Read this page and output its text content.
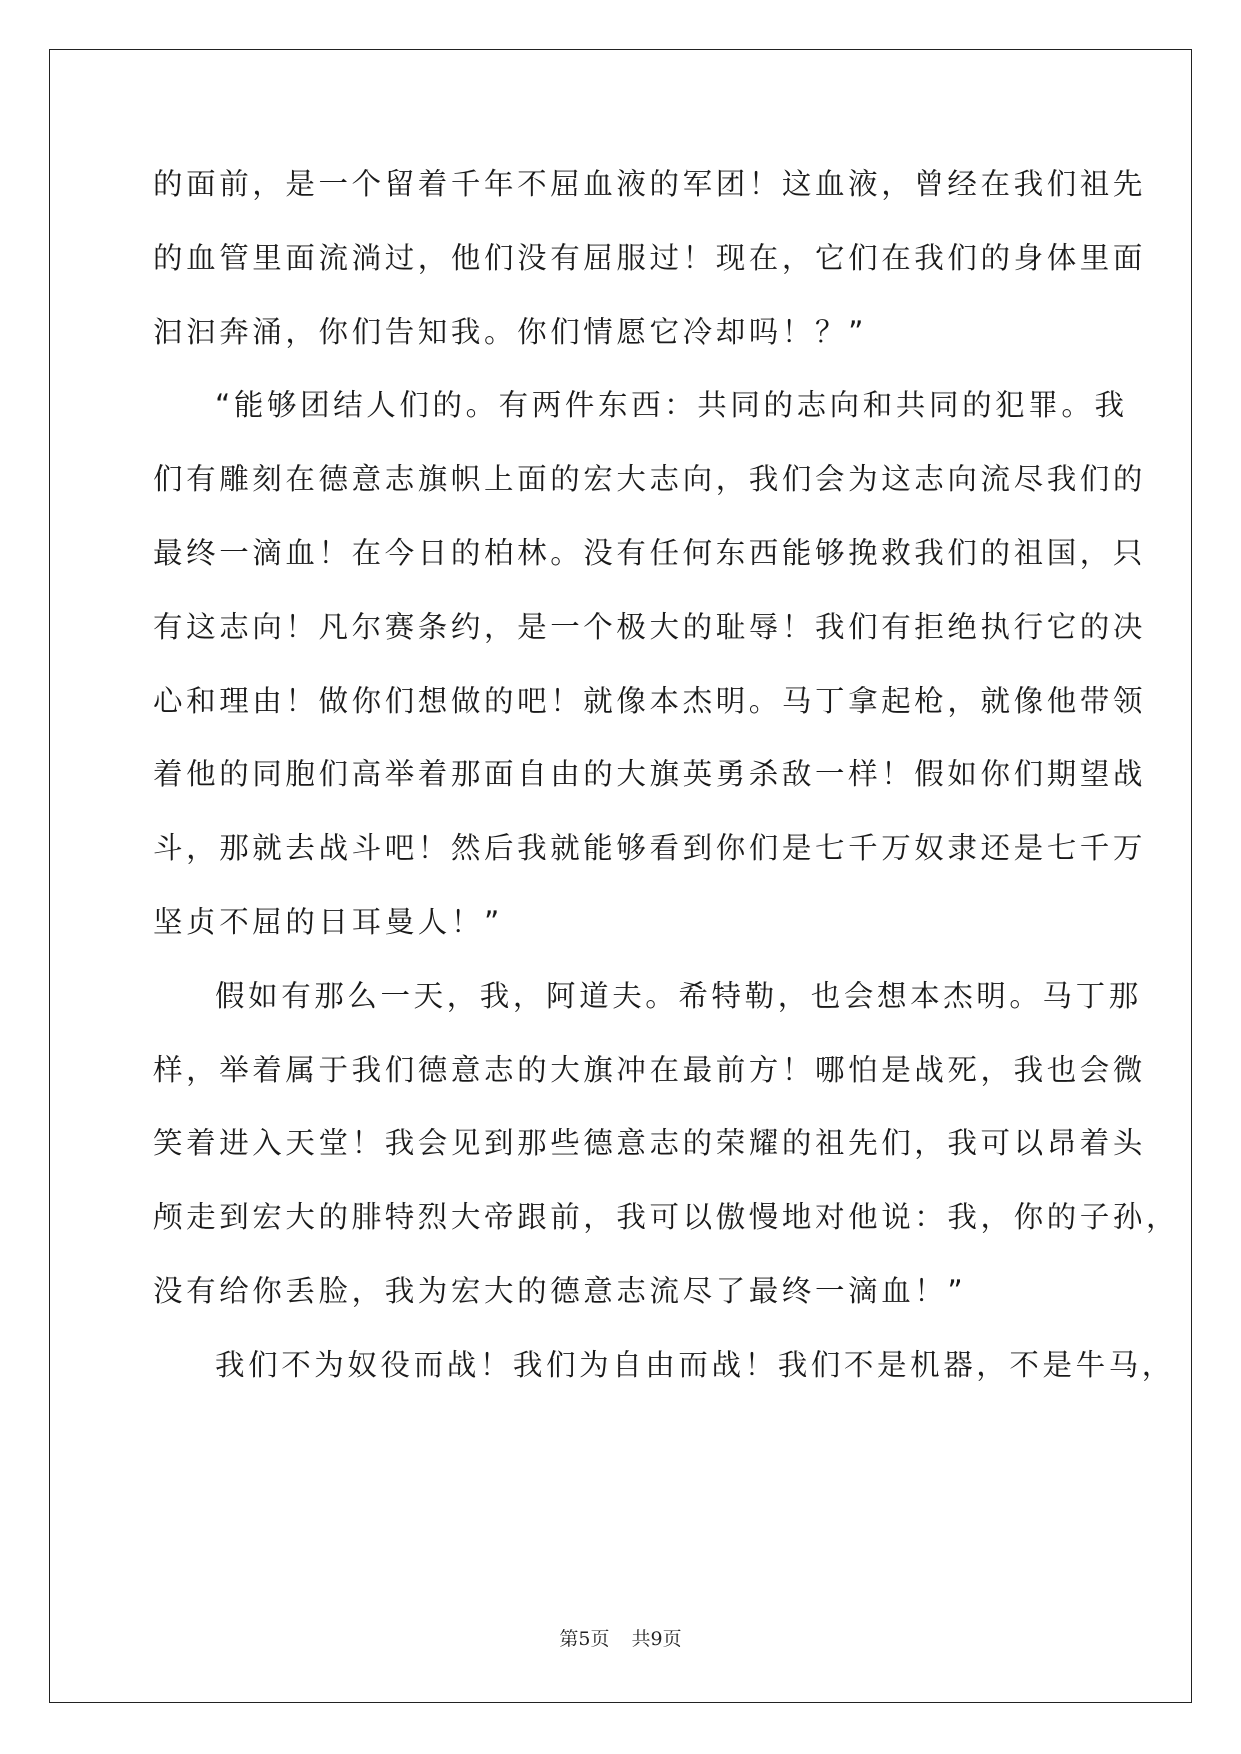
的面前，是一个留着千年不屈血液的军团！这血液，曾经在我们祖先
的血管里面流淌过，他们没有屈服过！现在，它们在我们的身体里面
汩汩奔涌，你们告知我。你们情愿它冷却吗！？”
“能够团结人们的。有两件东西：共同的志向和共同的犯罪。我
们有雕刻在德意志旗帜上面的宏大志向，我们会为这志向流尽我们的
最终一滴血！在今日的柏林。没有任何东西能够挽救我们的祖国，只
有这志向！凡尔赛条约，是一个极大的耻辱！我们有拒绝执行它的决
心和理由！做你们想做的吧！就像本杰明。马丁拿起枪，就像他带领
着他的同胞们高举着那面自由的大旗英勇杀敌一样！假如你们期望战
斗，那就去战斗吧！然后我就能够看到你们是七千万奴隶还是七千万
坚贞不屈的日耳曼人！”
假如有那么一天，我，阿道夫。希特勒，也会想本杰明。马丁那
样，举着属于我们德意志的大旗冲在最前方！哪怕是战死，我也会微
笑着进入天堂！我会见到那些德意志的荣耀的祖先们，我可以昂着头
颅走到宏大的腓特烈大帝跟前，我可以傲慢地对他说：我，你的子孙，
没有给你丢脸，我为宏大的德意志流尽了最终一滴血！”
我们不为奴役而战！我们为自由而战！我们不是机器，不是牛马，
第5页 共9页
